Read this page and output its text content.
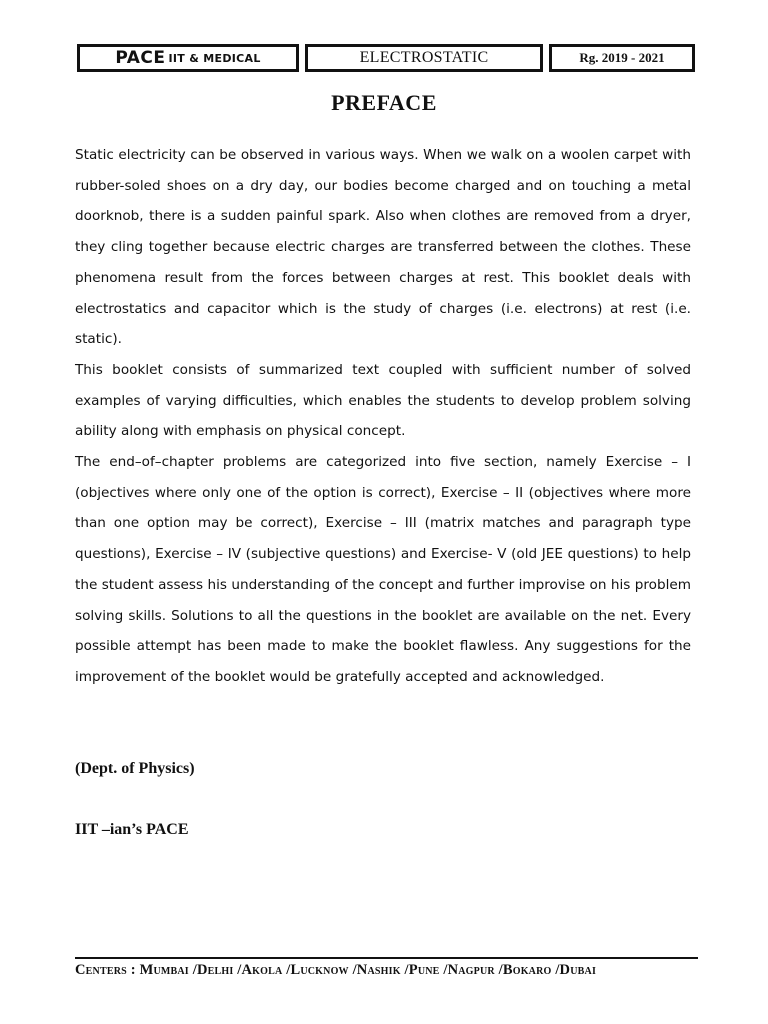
PACE IIT & MEDICAL	ELECTROSTATIC	Rg. 2019 - 2021
PREFACE

Static electricity can be observed in various ways. When we walk on a woolen carpet with rubber-soled shoes on a dry day, our bodies become charged and on touching a metal doorknob, there is a sudden painful spark. Also when clothes are removed from a dryer, they cling together because electric charges are transferred between the clothes. These phenomena result from the forces between charges at rest. This booklet deals with electrostatics and capacitor which is the study of charges (i.e. electrons) at rest (i.e. static).

This booklet consists of summarized text coupled with sufficient number of solved examples of varying difficulties, which enables the students to develop problem solving ability along with emphasis on physical concept.

The end–of–chapter problems are categorized into five section, namely Exercise – I (objectives where only one of the option is correct), Exercise – II (objectives where more than one option may be correct), Exercise – III (matrix matches and paragraph type questions), Exercise – IV (subjective questions) and Exercise- V (old JEE questions) to help the student assess his understanding of the concept and further improvise on his problem solving skills. Solutions to all the questions in the booklet are available on the net. Every possible attempt has been made to make the booklet flawless. Any suggestions for the improvement of the booklet would be gratefully accepted and acknowledged.

(Dept. of Physics)
IIT –ian’s PACE
Centers : Mumbai /Delhi /Akola /Lucknow /Nashik /Pune /Nagpur /Bokaro /Dubai
